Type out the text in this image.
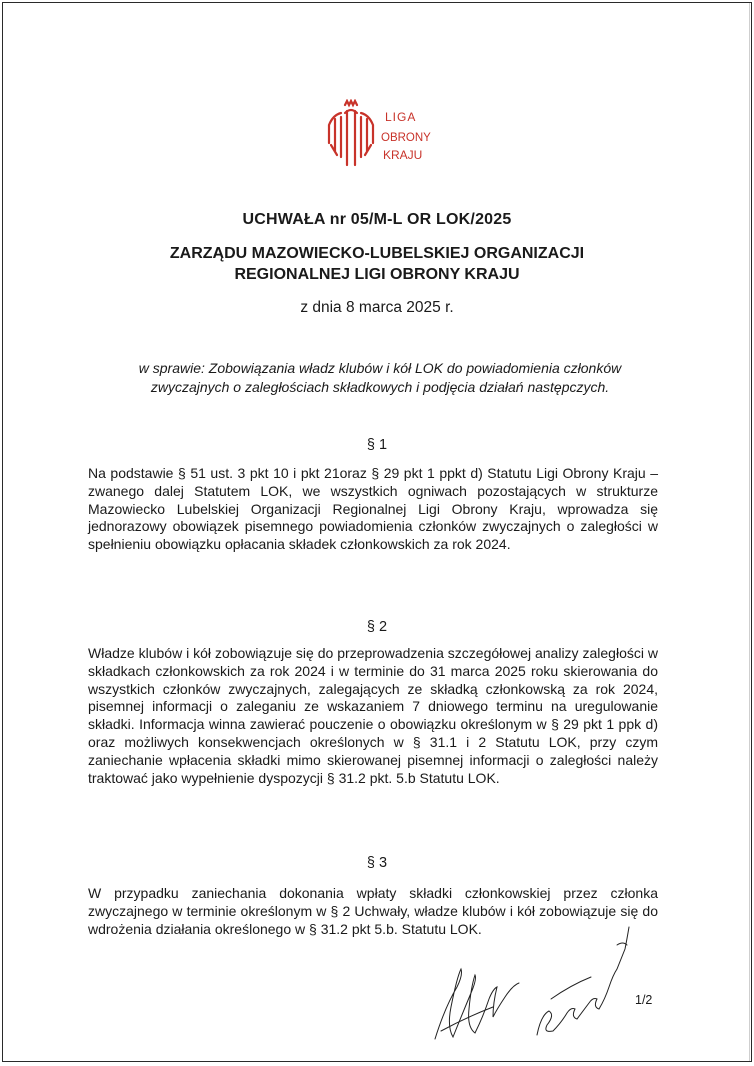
LIGA
OBRONY
KRAJU
UCHWAŁA nr 05/M-L OR LOK/2025
ZARZĄDU MAZOWIECKO-LUBELSKIEJ ORGANIZACJI
REGIONALNEJ LIGI OBRONY KRAJU
z dnia 8 marca 2025 r.
w sprawie: Zobowiązania władz klubów i kół LOK do powiadomienia członków
zwyczajnych o zaległościach składkowych i podjęcia działań następczych.
§ 1
Na podstawie § 51 ust. 3 pkt 10 i pkt 21oraz § 29 pkt 1 ppkt d) Statutu Ligi Obrony Kraju – zwanego dalej Statutem LOK, we wszystkich ogniwach pozostających w strukturze Mazowiecko Lubelskiej Organizacji Regionalnej Ligi Obrony Kraju, wprowadza się jednorazowy obowiązek pisemnego powiadomienia członków zwyczajnych o zaległości w spełnieniu obowiązku opłacania składek członkowskich za rok 2024.
§ 2
Władze klubów i kół zobowiązuje się do przeprowadzenia szczegółowej analizy zaległości w składkach członkowskich za rok 2024 i w terminie do 31 marca 2025 roku skierowania do wszystkich członków zwyczajnych, zalegających ze składką członkowską za rok 2024, pisemnej informacji o zaleganiu ze wskazaniem 7 dniowego terminu na uregulowanie składki. Informacja winna zawierać pouczenie o obowiązku określonym w § 29 pkt 1 ppk d) oraz możliwych konsekwencjach określonych w § 31.1 i 2 Statutu LOK, przy czym zaniechanie wpłacenia składki mimo skierowanej pisemnej informacji o zaległości należy traktować jako wypełnienie dyspozycji § 31.2 pkt. 5.b Statutu LOK.
§ 3
W przypadku zaniechania dokonania wpłaty składki członkowskiej przez członka zwyczajnego w terminie określonym w § 2 Uchwały, władze klubów i kół zobowiązuje się do wdrożenia działania określonego w § 31.2 pkt 5.b. Statutu LOK.
1/2
